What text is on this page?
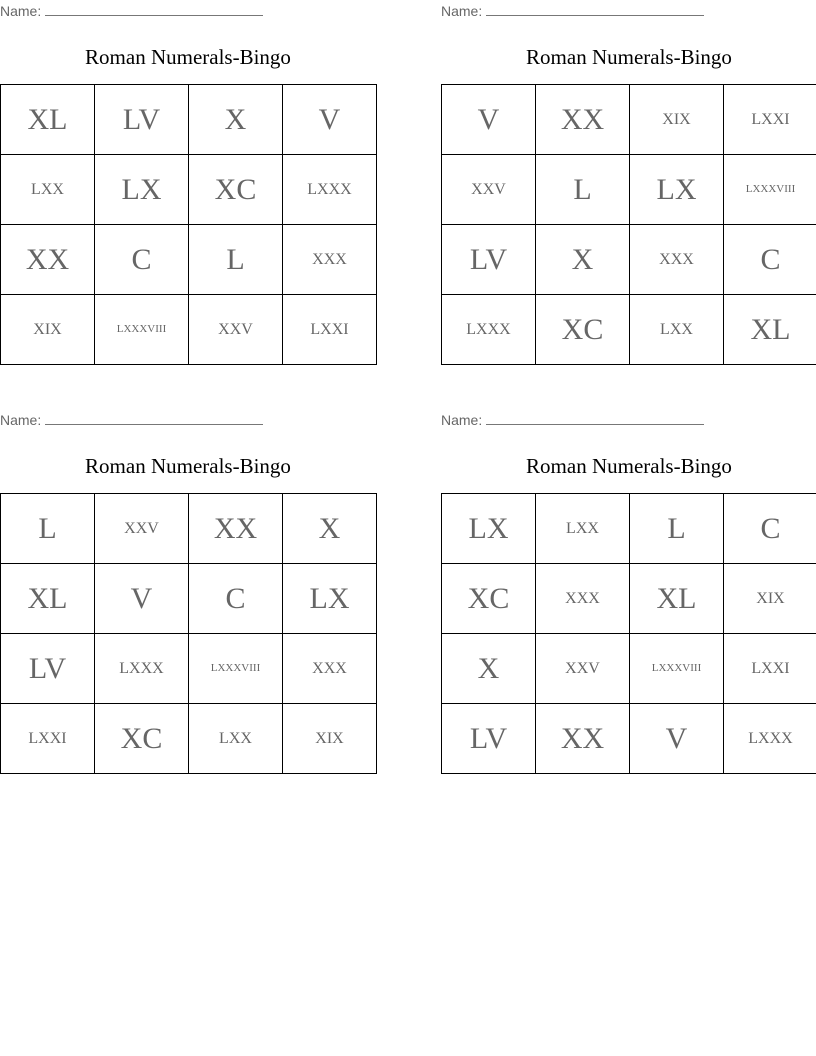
Name:
Roman Numerals-Bingo
XL	LV	X	V
LXX	LX	XC	LXXX
XX	C	L	XXX
XIX	LXXXVIII	XXV	LXXI
Name:
Roman Numerals-Bingo
V	XX	XIX	LXXI
XXV	L	LX	LXXXVIII
LV	X	XXX	C
LXXX	XC	LXX	XL
Name:
Roman Numerals-Bingo
L	XXV	XX	X
XL	V	C	LX
LV	LXXX	LXXXVIII	XXX
LXXI	XC	LXX	XIX
Name:
Roman Numerals-Bingo
LX	LXX	L	C
XC	XXX	XL	XIX
X	XXV	LXXXVIII	LXXI
LV	XX	V	LXXX
